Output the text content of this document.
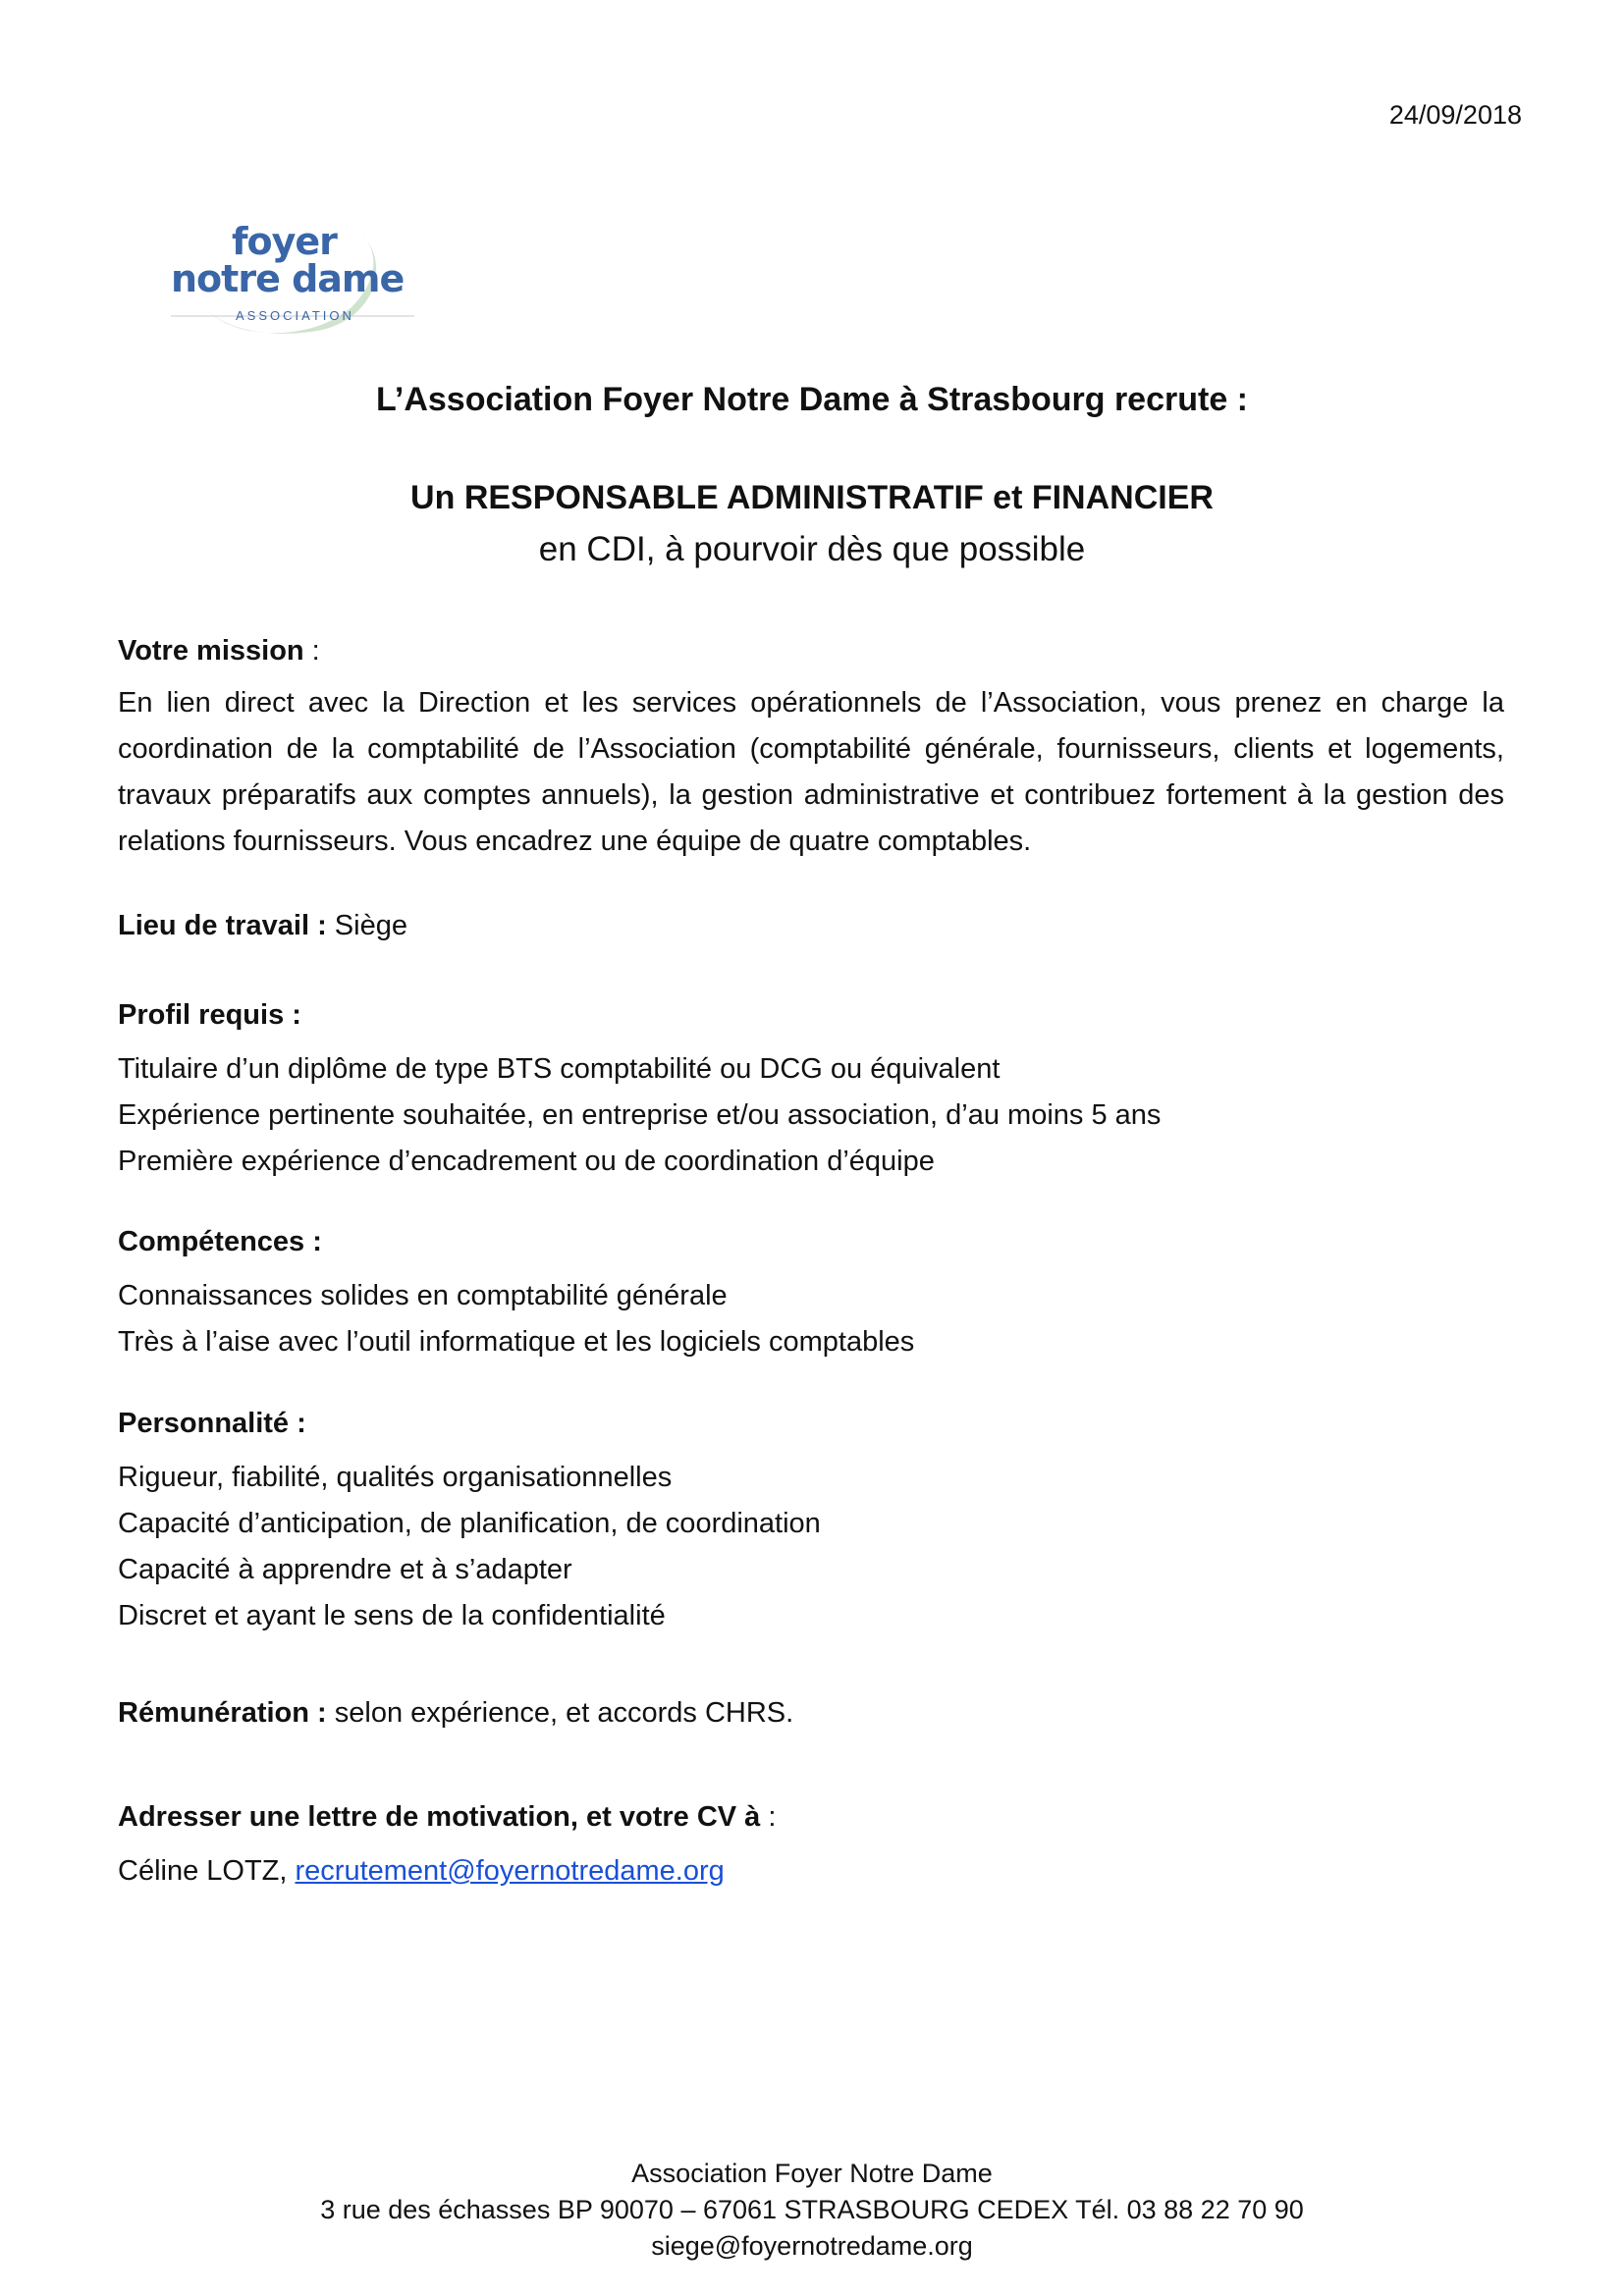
24/09/2018
foyer
notre dame
ASSOCIATION
L’Association Foyer Notre Dame à Strasbourg recrute :
Un RESPONSABLE ADMINISTRATIF et FINANCIER
en CDI, à pourvoir dès que possible
Votre mission :
En lien direct avec la Direction et les services opérationnels de l’Association, vous prenez en charge la coordination de la comptabilité de l’Association (comptabilité générale, fournisseurs, clients et logements, travaux préparatifs aux comptes annuels), la gestion administrative et contribuez fortement à la gestion des relations fournisseurs. Vous encadrez une équipe de quatre comptables.
Lieu de travail : Siège
Profil requis :
Titulaire d’un diplôme de type BTS comptabilité ou DCG ou équivalent
Expérience pertinente souhaitée, en entreprise et/ou association, d’au moins 5 ans
Première expérience d’encadrement ou de coordination d’équipe
Compétences :
Connaissances solides en comptabilité générale
Très à l’aise avec l’outil informatique et les logiciels comptables
Personnalité :
Rigueur, fiabilité, qualités organisationnelles
Capacité d’anticipation, de planification, de coordination
Capacité à apprendre et à s’adapter
Discret et ayant le sens de la confidentialité
Rémunération : selon expérience, et accords CHRS.
Adresser une lettre de motivation, et votre CV à :
Céline LOTZ, recrutement@foyernotredame.org
Association Foyer Notre Dame
3 rue des échasses BP 90070 – 67061 STRASBOURG CEDEX Tél. 03 88 22 70 90
siege@foyernotredame.org
